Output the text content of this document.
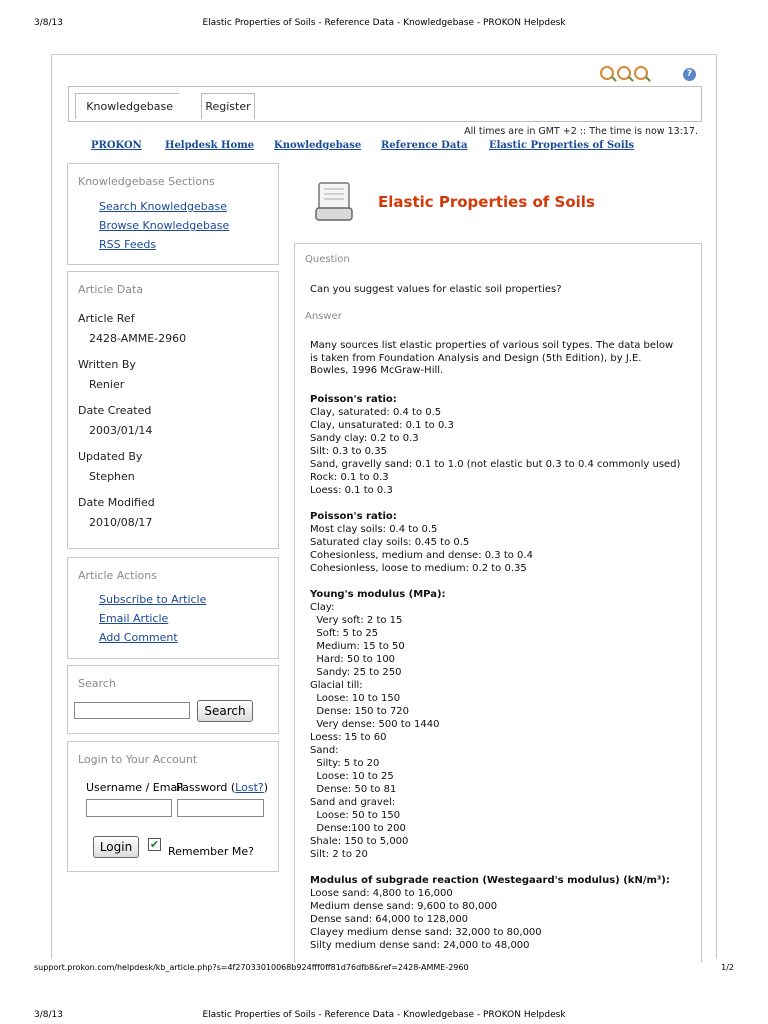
3/8/13	Elastic Properties of Soils - Reference Data - Knowledgebase - PROKON Helpdesk
support.prokon.com/helpdesk/kb_article.php?s=4f27033010068b924fff0ff81d76dfb8&ref=2428-AMME-2960	1/2
3/8/13	Elastic Properties of Soils - Reference Data - Knowledgebase - PROKON Helpdesk
?
Knowledgebase	Register
All times are in GMT +2 :: The time is now 13:17.
PROKON Helpdesk Home Knowledgebase Reference Data Elastic Properties of Soils
Knowledgebase Sections
Search Knowledgebase
Browse Knowledgebase
RSS Feeds
Article Data
Article Ref
2428-AMME-2960
Written By
Renier
Date Created
2003/01/14
Updated By
Stephen
Date Modified
2010/08/17
Article Actions
Subscribe to Article
Email Article
Add Comment
Search
Search
Login to Your Account
Username / Email
Password (Lost?)
Remember Me?
Login	✔
Elastic Properties of Soils
Question
Can you suggest values for elastic soil properties?
Answer
Many sources list elastic properties of various soil types. The data below is taken from Foundation Analysis and Design (5th Edition), by J.E. Bowles, 1996 McGraw-Hill.
Poisson's ratio:
Clay, saturated: 0.4 to 0.5
Clay, unsaturated: 0.1 to 0.3
Sandy clay: 0.2 to 0.3
Silt: 0.3 to 0.35
Sand, gravelly sand: 0.1 to 1.0 (not elastic but 0.3 to 0.4 commonly used)
Rock: 0.1 to 0.3
Loess: 0.1 to 0.3
Poisson's ratio:
Most clay soils: 0.4 to 0.5
Saturated clay soils: 0.45 to 0.5
Cohesionless, medium and dense: 0.3 to 0.4
Cohesionless, loose to medium: 0.2 to 0.35
Young's modulus (MPa):
Clay:
Very soft: 2 to 15
Soft: 5 to 25
Medium: 15 to 50
Hard: 50 to 100
Sandy: 25 to 250
Glacial till:
Loose: 10 to 150
Dense: 150 to 720
Very dense: 500 to 1440
Loess: 15 to 60
Sand:
Silty: 5 to 20
Loose: 10 to 25
Dense: 50 to 81
Sand and gravel:
Loose: 50 to 150
Dense:100 to 200
Shale: 150 to 5,000
Silt: 2 to 20
Modulus of subgrade reaction (Westegaard's modulus) (kN/m³):
Loose sand: 4,800 to 16,000
Medium dense sand: 9,600 to 80,000
Dense sand: 64,000 to 128,000
Clayey medium dense sand: 32,000 to 80,000
Silty medium dense sand: 24,000 to 48,000
